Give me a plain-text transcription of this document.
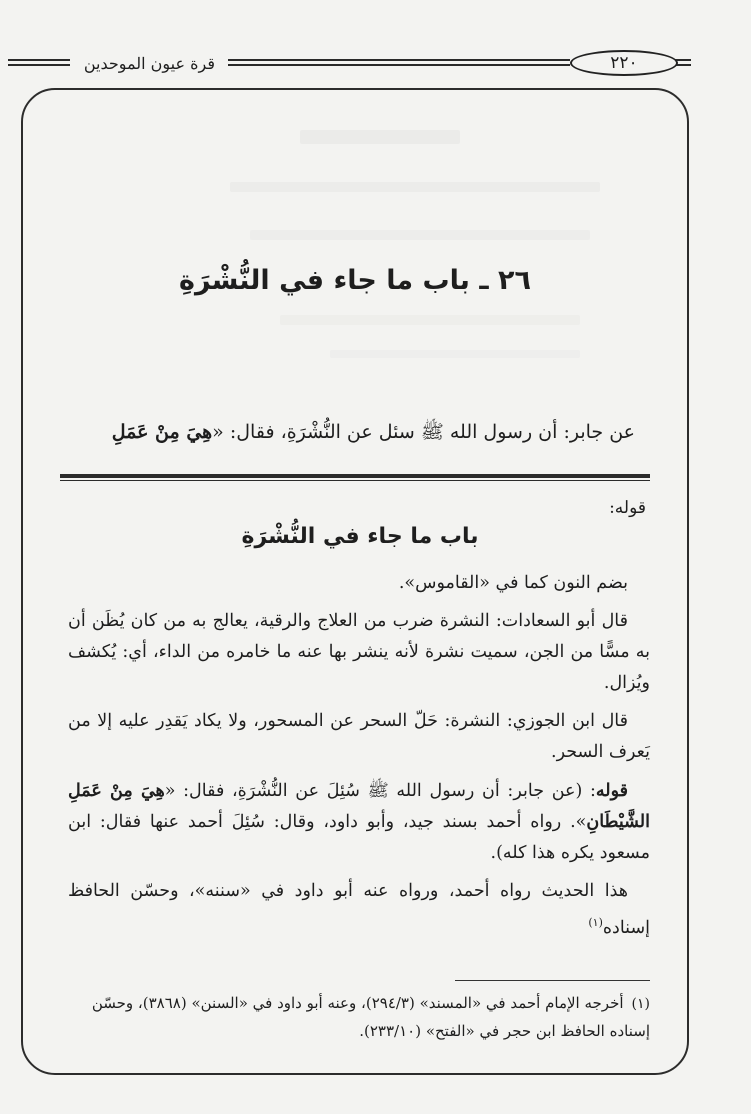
قرة عيون الموحدين	٢٢٠
٢٦ ـ باب ما جاء في النُّشْرَةِ
عن جابر: أن رسول الله ﷺ سئل عن النُّشْرَةِ، فقال: «هِيَ مِنْ عَمَلِ
قوله:
باب ما جاء في النُّشْرَةِ
بضم النون كما في «القاموس».
قال أبو السعادات: النشرة ضرب من العلاج والرقية، يعالج به من كان يُظَن أن به مسًّا من الجن، سميت نشرة لأنه ينشر بها عنه ما خامره من الداء، أي: يُكشف ويُزال.
قال ابن الجوزي: النشرة: حَلّ السحر عن المسحور، ولا يكاد يَقدِر عليه إلا من يَعرف السحر.
قوله: (عن جابر: أن رسول الله ﷺ سُئِلَ عن النُّشْرَةِ، فقال: «هِيَ مِنْ عَمَلِ الشَّيْطَانِ». رواه أحمد بسند جيد، وأبو داود، وقال: سُئِلَ أحمد عنها فقال: ابن مسعود يكره هذا كله).
هذا الحديث رواه أحمد، ورواه عنه أبو داود في «سننه»، وحسّن الحافظ إسناده$^{(١)}$
(١)أخرجه الإمام أحمد في «المسند» (٢٩٤/٣)، وعنه أبو داود في «السنن» (٣٨٦٨)، وحسّن إسناده الحافظ ابن حجر في «الفتح» (٢٣٣/١٠).
